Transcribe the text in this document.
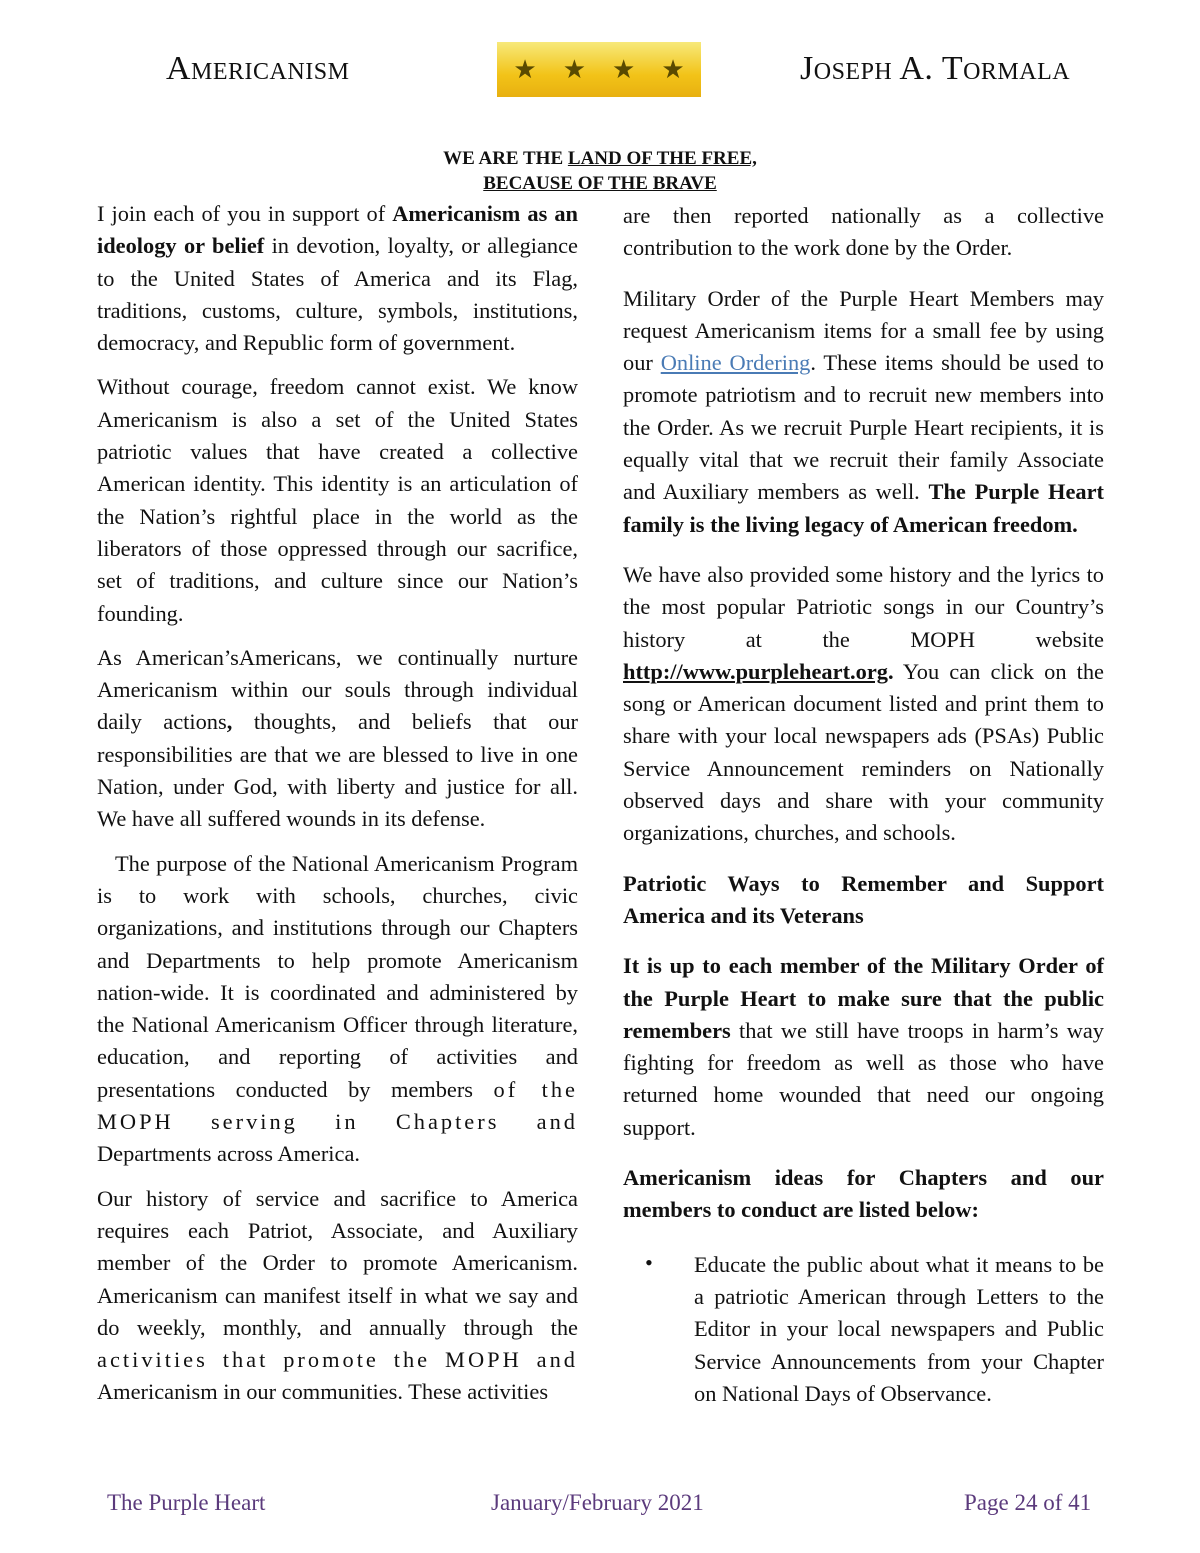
Americanism	★ ★ ★ ★	Joseph A. Tormala
WE ARE THE LAND OF THE FREE,
BECAUSE OF THE BRAVE

I join each of you in support of Americanism as an ideology or belief in devotion, loyalty, or allegiance to the United States of America and its Flag, traditions, customs, culture, symbols, institutions, democracy, and Republic form of government.

Without courage, freedom cannot exist. We know Americanism is also a set of the United States patriotic values that have created a collective American identity. This identity is an articulation of the Nation’s rightful place in the world as the liberators of those oppressed through our sacrifice, set of traditions, and culture since our Nation’s founding.

As American’sAmericans, we continually nurture Americanism within our souls through individual daily actions, thoughts, and beliefs that our responsibilities are that we are blessed to live in one Nation, under God, with liberty and justice for all. We have all suffered wounds in its defense.

The purpose of the National Americanism Program is to work with schools, churches, civic organizations, and institutions through our Chapters and Departments to help promote Americanism nation-wide. It is coordinated and administered by the National Americanism Officer through literature, education, and reporting of activities and presentations conducted by members of the MOPH serving in Chapters and Departments across America.

Our history of service and sacrifice to America requires each Patriot, Associate, and Auxiliary member of the Order to promote Americanism. Americanism can manifest itself in what we say and do weekly, monthly, and annually through the activities that promote the MOPH and Americanism in our communities. These activities

are then reported nationally as a collective contribution to the work done by the Order.

Military Order of the Purple Heart Members may request Americanism items for a small fee by using our Online Ordering. These items should be used to promote patriotism and to recruit new members into the Order. As we recruit Purple Heart recipients, it is equally vital that we recruit their family Associate and Auxiliary members as well. The Purple Heart family is the living legacy of American freedom.

We have also provided some history and the lyrics to the most popular Patriotic songs in our Country’s history at the MOPH website http://www.purpleheart.org. You can click on the song or American document listed and print them to share with your local newspapers ads (PSAs) Public Service Announcement reminders on Nationally observed days and share with your community organizations, churches, and schools.

Patriotic Ways to Remember and Support America and its Veterans

It is up to each member of the Military Order of the Purple Heart to make sure that the public remembers that we still have troops in harm’s way fighting for freedom as well as those who have returned home wounded that need our ongoing support.

Americanism ideas for Chapters and our members to conduct are listed below:

• Educate the public about what it means to be a patriotic American through Letters to the Editor in your local newspapers and Public Service Announcements from your Chapter on National Days of Observance.
The Purple Heart	January/February 2021	Page 24 of 41
